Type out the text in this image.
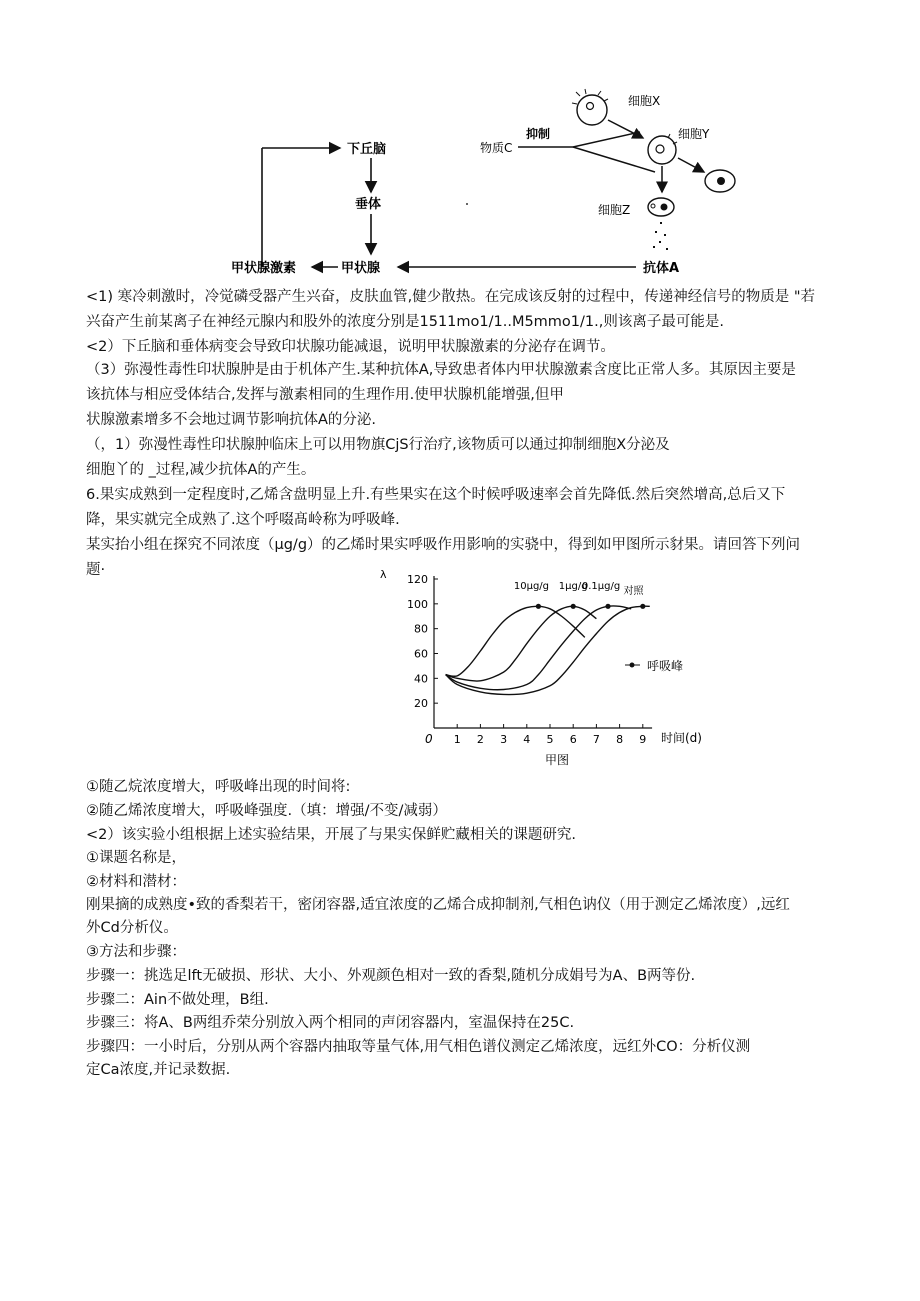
下丘脑
垂体
甲状腺激素	甲状腺	抗体A
物质C
抑制
细胞X
细胞Y
细胞Z
<1) 寒冷刺激时，冷觉磷受器产生兴奋，皮肤血管,健少散热。在完成该反射的过程中，传递神经信号的物质是 "若
兴奋产生前某离子在神经元腺内和股外的浓度分别是1511mo1/1..M5mmo1/1.,则该离子最可能是.
<2）下丘脑和垂体病变会导致印状腺功能减退，说明甲状腺激素的分泌存在调节。
（3）弥漫性毒性印状腺肿是由于机体产生.某种抗体A,导致患者体内甲状腺激素含度比正常人多。其原因主要是
该抗体与相应受体结合,发挥与激素相同的生理作用.使甲状腺机能增强,但甲
状腺激素增多不会地过调节影响抗体A的分泌.
（，1）弥漫性毒性印状腺肿临床上可以用物旗CjS行治疗,该物质可以通过抑制细胞X分泌及
细胞丫的 _过程,减少抗体A的产生。
6.果实成熟到一定程度时,乙烯含盘明显上升.有些果实在这个时候呼吸速率会首先降低.然后突然增高,总后又下
降，果实就完全成熟了.这个呼啜髙岭称为呼吸峰.
某实抬小组在探究不同浓度（μg/g）的乙烯时果实呼吸作用影响的实骁中，得到如甲图所示豺果。请回答下列问
题·	λ
20
40
60
80
100
120
1 2 3 4 5 6 7 8 9
10μg/g 1μg/g
0.1μg/g 对照
时间(d)
0
甲图
呼吸峰
①随乙烷浓度增大，呼吸峰出现的时间将:
②随乙烯浓度增大，呼吸峰强度.（填：增强/不变/减弱）
<2）该实验小组根据上述实验结果，开展了与果实保鲜贮藏相关的课题研究.
①课题名称是，
②材料和潜材：
刚果摘的成熟度•致的香梨若干，密闭容器,适宜浓度的乙烯合成抑制剂,气相色讷仪（用于测定乙烯浓度）,远红
外Cd分析仪。
③方法和步骤：
步骤一：挑选足lft无破损、形状、大小、外观颜色相对一致的香梨,随机分成娟号为A、B两等份.
步骤二：Ain不做处理，B组.
步骤三：将A、B两组乔荣分别放入两个相同的声闭容器内，室温保持在25C.
步骤四：一小时后，分别从两个容器内抽取等量气体,用气相色谱仪测定乙烯浓度，远红外CO：分析仪测
定Ca浓度,并记录数据.
